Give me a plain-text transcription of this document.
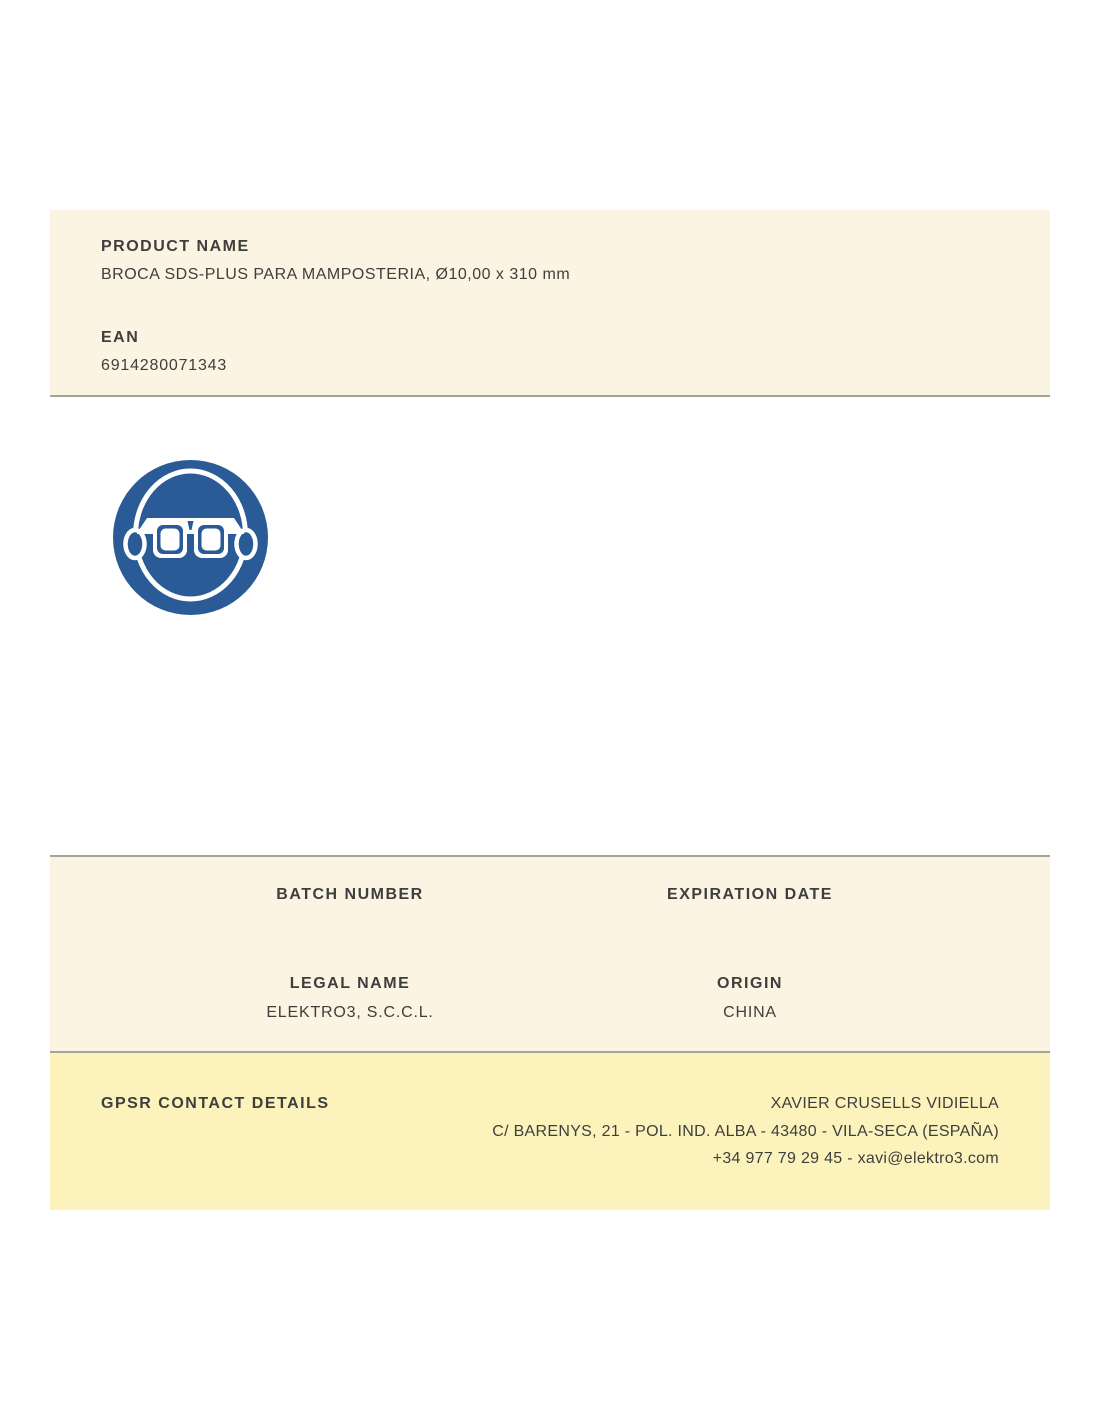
PRODUCT NAME
BROCA SDS-PLUS PARA MAMPOSTERIA, Ø10,00 x 310 mm
EAN
6914280071343
BATCH NUMBER
LEGAL NAME
ELEKTRO3, S.C.C.L.
EXPIRATION DATE
ORIGIN
CHINA
GPSR CONTACT DETAILS	XAVIER CRUSELLS VIDIELLA
C/ BARENYS, 21 - POL. IND. ALBA - 43480 - VILA-SECA (ESPAÑA)
+34 977 79 29 45 - xavi@elektro3.com
